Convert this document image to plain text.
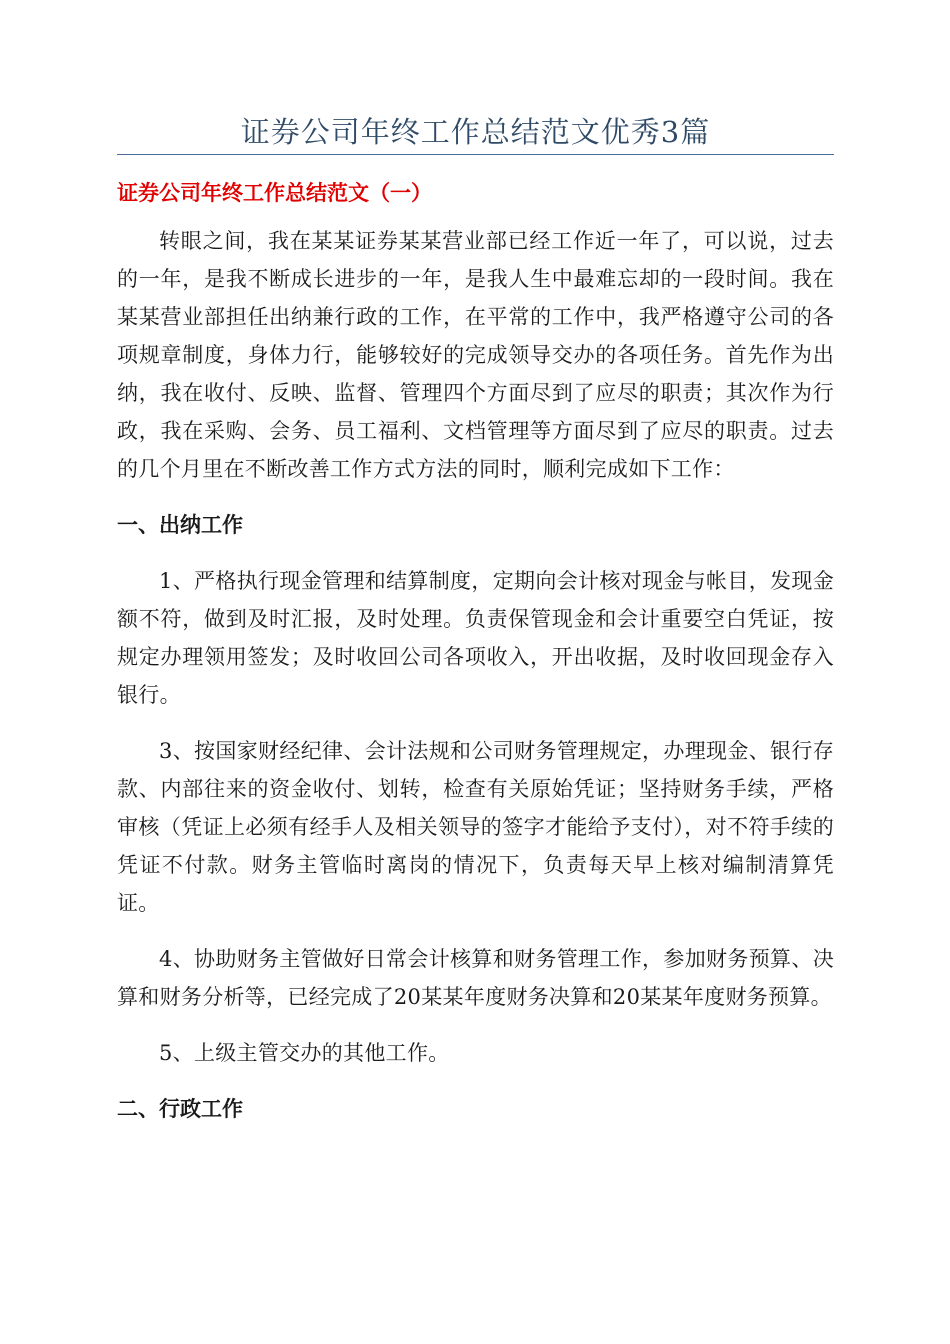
证券公司年终工作总结范文优秀3篇
证券公司年终工作总结范文（一）

转眼之间，我在某某证券某某营业部已经工作近一年了，可以说，过去的一年，是我不断成长进步的一年，是我人生中最难忘却的一段时间。我在某某营业部担任出纳兼行政的工作，在平常的工作中，我严格遵守公司的各项规章制度，身体力行，能够较好的完成领导交办的各项任务。首先作为出纳，我在收付、反映、监督、管理四个方面尽到了应尽的职责；其次作为行政，我在采购、会务、员工福利、文档管理等方面尽到了应尽的职责。过去的几个月里在不断改善工作方式方法的同时，顺利完成如下工作：

一、出纳工作

1、严格执行现金管理和结算制度，定期向会计核对现金与帐目，发现金额不符，做到及时汇报，及时处理。负责保管现金和会计重要空白凭证，按规定办理领用签发；及时收回公司各项收入，开出收据，及时收回现金存入银行。

3、按国家财经纪律、会计法规和公司财务管理规定，办理现金、银行存款、内部往来的资金收付、划转，检查有关原始凭证；坚持财务手续，严格审核（凭证上必须有经手人及相关领导的签字才能给予支付），对不符手续的凭证不付款。财务主管临时离岗的情况下，负责每天早上核对编制清算凭证。

4、协助财务主管做好日常会计核算和财务管理工作，参加财务预算、决算和财务分析等，已经完成了20某某年度财务决算和20某某年度财务预算。

5、上级主管交办的其他工作。

二、行政工作
